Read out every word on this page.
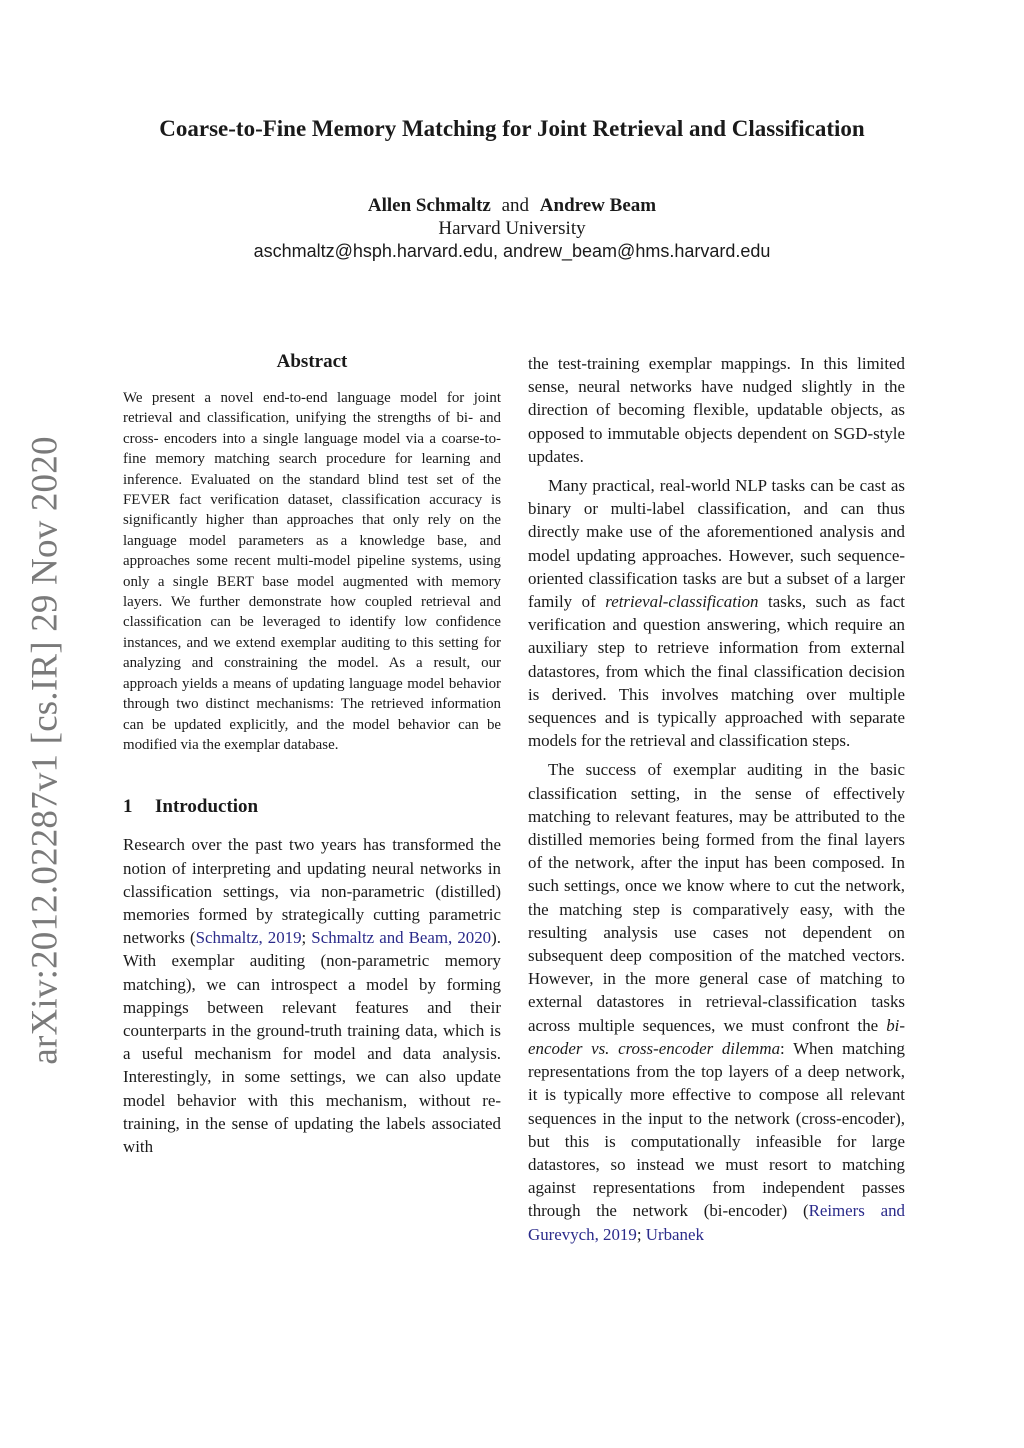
arXiv:2012.02287v1 [cs.IR] 29 Nov 2020
Coarse-to-Fine Memory Matching for Joint Retrieval and Classification
Allen Schmaltz and Andrew Beam
Harvard University
aschmaltz@hsph.harvard.edu, andrew_beam@hms.harvard.edu
Abstract

We present a novel end-to-end language model for joint retrieval and classification, unifying the strengths of bi- and cross- encoders into a single language model via a coarse-to-fine memory matching search procedure for learning and inference. Evaluated on the standard blind test set of the FEVER fact verification dataset, classification accuracy is significantly higher than approaches that only rely on the language model parameters as a knowledge base, and approaches some recent multi-model pipeline systems, using only a single BERT base model augmented with memory layers. We further demonstrate how coupled retrieval and classification can be leveraged to identify low confidence instances, and we extend exemplar auditing to this setting for analyzing and constraining the model. As a result, our approach yields a means of updating language model behavior through two distinct mechanisms: The retrieved information can be updated explicitly, and the model behavior can be modified via the exemplar database.

1 Introduction

Research over the past two years has transformed the notion of interpreting and updating neural networks in classification settings, via non-parametric (distilled) memories formed by strategically cutting parametric networks (Schmaltz, 2019; Schmaltz and Beam, 2020). With exemplar auditing (non-parametric memory matching), we can introspect a model by forming mappings between relevant features and their counterparts in the ground-truth training data, which is a useful mechanism for model and data analysis. Interestingly, in some settings, we can also update model behavior with this mechanism, without re-training, in the sense of updating the labels associated with

the test-training exemplar mappings. In this limited sense, neural networks have nudged slightly in the direction of becoming flexible, updatable objects, as opposed to immutable objects dependent on SGD-style updates.

Many practical, real-world NLP tasks can be cast as binary or multi-label classification, and can thus directly make use of the aforementioned analysis and model updating approaches. However, such sequence-oriented classification tasks are but a subset of a larger family of retrieval-classification tasks, such as fact verification and question answering, which require an auxiliary step to retrieve information from external datastores, from which the final classification decision is derived. This involves matching over multiple sequences and is typically approached with separate models for the retrieval and classification steps.

The success of exemplar auditing in the basic classification setting, in the sense of effectively matching to relevant features, may be attributed to the distilled memories being formed from the final layers of the network, after the input has been composed. In such settings, once we know where to cut the network, the matching step is comparatively easy, with the resulting analysis use cases not dependent on subsequent deep composition of the matched vectors. However, in the more general case of matching to external datastores in retrieval-classification tasks across multiple sequences, we must confront the bi-encoder vs. cross-encoder dilemma: When matching representations from the top layers of a deep network, it is typically more effective to compose all relevant sequences in the input to the network (cross-encoder), but this is computationally infeasible for large datastores, so instead we must resort to matching against representations from independent passes through the network (bi-encoder) (Reimers and Gurevych, 2019; Urbanek
